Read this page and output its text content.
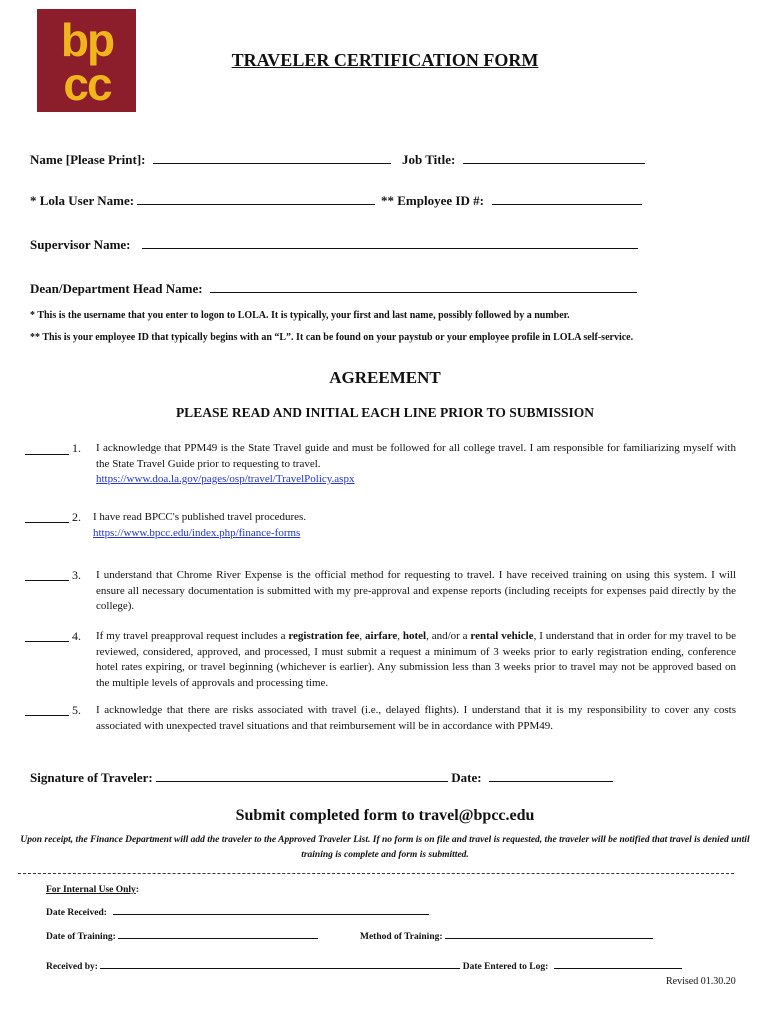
bp
cc	TRAVELER CERTIFICATION FORM
Name [Please Print]:	Job Title:
* Lola User Name:	** Employee ID #:
Supervisor Name:
Dean/Department Head Name:
* This is the username that you enter to logon to LOLA. It is typically, your first and last name, possibly followed by a number.
** This is your employee ID that typically begins with an “L”. It can be found on your paystub or your employee profile in LOLA self-service.
AGREEMENT
PLEASE READ AND INITIAL EACH LINE PRIOR TO SUBMISSION
1. I acknowledge that PPM49 is the State Travel guide and must be followed for all college travel. I am responsible for familiarizing myself with the State Travel Guide prior to requesting to travel.
https://www.doa.la.gov/pages/osp/travel/TravelPolicy.aspx
2. I have read BPCC's published travel procedures.
https://www.bpcc.edu/index.php/finance-forms
3. I understand that Chrome River Expense is the official method for requesting to travel. I have received training on using this system. I will ensure all necessary documentation is submitted with my pre-approval and expense reports (including receipts for expenses paid directly by the college).
4. If my travel preapproval request includes a registration fee, airfare, hotel, and/or a rental vehicle, I understand that in order for my travel to be reviewed, considered, approved, and processed, I must submit a request a minimum of 3 weeks prior to early registration ending, conference hotel rates expiring, or travel beginning (whichever is earlier). Any submission less than 3 weeks prior to travel may not be approved based on the multiple levels of approvals and processing time.
5. I acknowledge that there are risks associated with travel (i.e., delayed flights). I understand that it is my responsibility to cover any costs associated with unexpected travel situations and that reimbursement will be in accordance with PPM49.
Signature of Traveler:	Date:
Submit completed form to travel@bpcc.edu
Upon receipt, the Finance Department will add the traveler to the Approved Traveler List. If no form is on file and travel is requested, the traveler will be notified that travel is denied until training is complete and form is submitted.
For Internal Use Only:
Date Received:
Date of Training:	Method of Training:
Received by:	Date Entered to Log:
Revised 01.30.20
